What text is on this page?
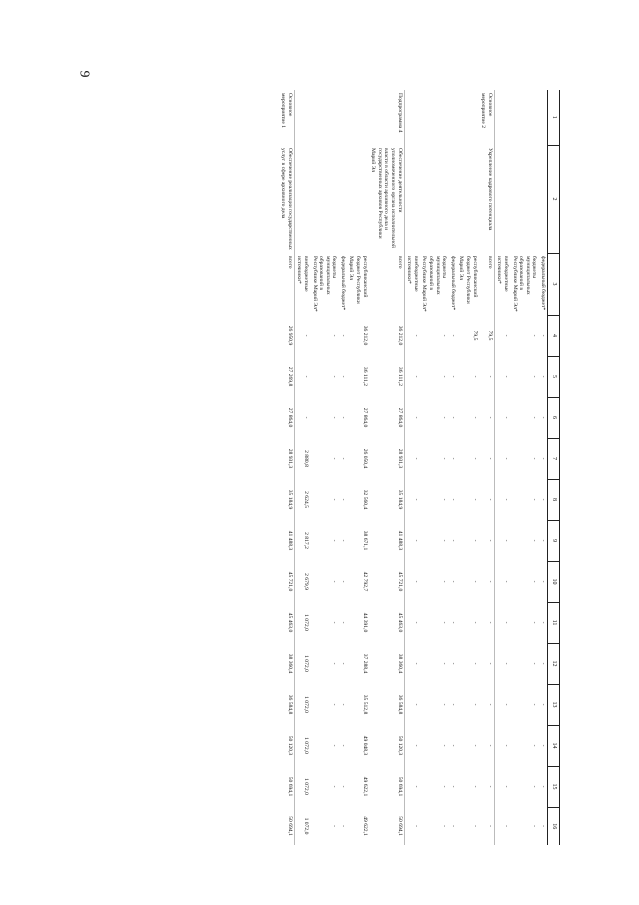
9
1	2	3	4	5	6	7	8	9	10	11	12	13	14	15	16
		федеральный бюджет*	-	-	-	-	-	-	-	-	-	-	-	-	-
		бюджеты муниципальных образований в Республике Марий Эл*	-	-	-	-	-	-	-	-	-	-	-	-	-
		внебюджетные источники*	-	-	-	-	-	-	-	-	-	-	-	-	-
Основное мероприятие 2	Укрепление кадрового потенциала	всего	79,5	-	-	-	-	-	-	-	-	-	-	-	-
		республиканский бюджет Республики Марий Эл	79,5	-	-	-	-	-	-	-	-	-	-	-	-
		федеральный бюджет*	-	-	-	-	-	-	-	-	-	-	-	-	-
		бюджеты муниципальных образований в Республике Марий Эл*	-	-	-	-	-	-	-	-	-	-	-	-	-
		внебюджетные источники*	-	-	-	-	-	-	-	-	-	-	-	-	-
Подпрограмма 4	Обеспечение деятельности уполномоченного органа исполнительной власти в области архивного дела и государственных архивов Республики Марий Эл	всего	36 212,0	36 111,2	27 864,0	28 931,3	35 184,9	41 488,3	45 721,0	45 463,0	38 360,4	36 584,8	50 120,3	50 694,1	50 694,1
		республиканский бюджет Республики Марий Эл	36 212,0	36 111,2	27 864,0	26 050,4	32 560,4	38 671,1	42 792,7	44 391,0	37 288,4	35 512,8	49 048,3	49 622,1	49 622,1
		федеральный бюджет*	-	-	-	-	-	-	-	-	-	-	-	-	-
		бюджеты муниципальных образований в Республике Марий Эл*	-	-	-	-	-	-	-	-	-	-	-	-	-
		внебюджетные источники*	-	-	-	2 880,8	2 624,5	2 817,2	2 679,9	1 072,0	1 072,0	1 072,0	1 072,0	1 072,0	1 072,0
Основное мероприятие 1	Обеспечение реализации государственных услуг в сфере архивного дела	всего	26 950,9	27 269,8	27 864,0	28 931,3	35 184,9	41 488,3	45 721,0	45 463,0	38 360,4	36 584,8	50 120,3	50 694,1	50 694,1
